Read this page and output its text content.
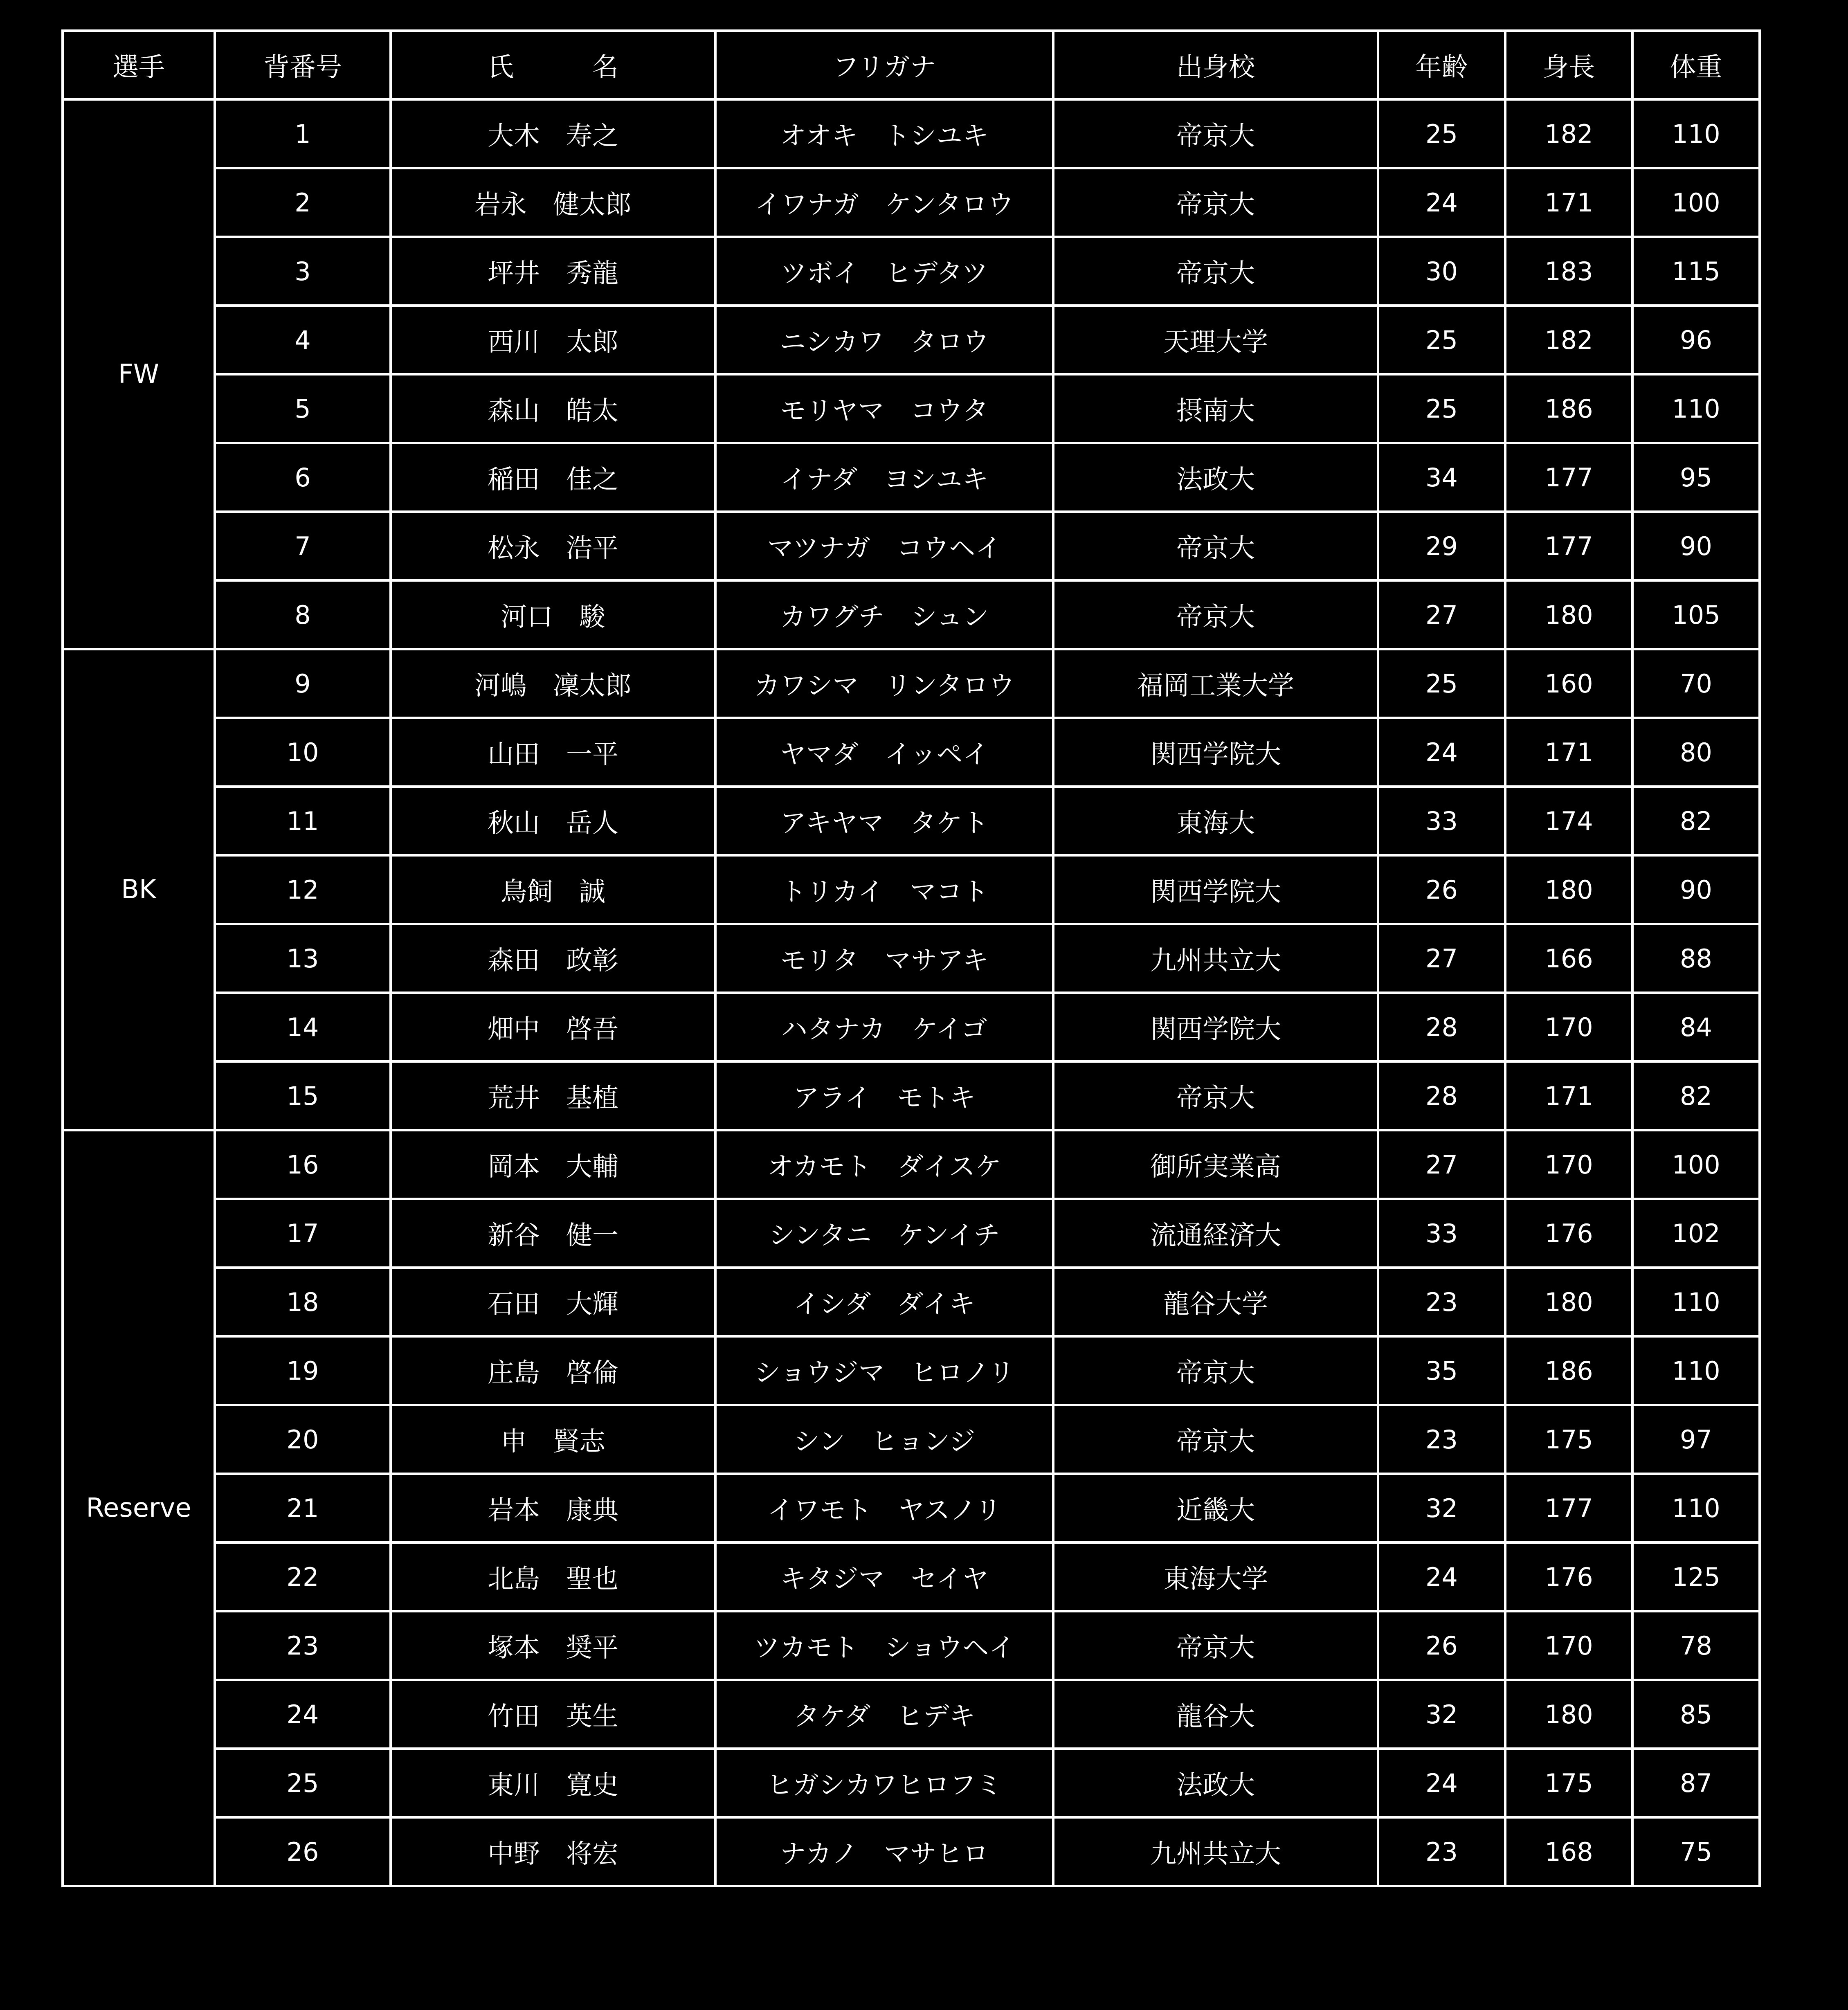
選手	背番号	氏　　　名	フリガナ	出身校	年齢	身長	体重
FW	1	大木　寿之	オオキ　トシユキ	帝京大	25	182	110
	2	岩永　健太郎	イワナガ　ケンタロウ	帝京大	24	171	100
	3	坪井　秀龍	ツボイ　ヒデタツ	帝京大	30	183	115
	4	西川　太郎	ニシカワ　タロウ	天理大学	25	182	96
	5	森山　皓太	モリヤマ　コウタ	摂南大	25	186	110
	6	稲田　佳之	イナダ　ヨシユキ	法政大	34	177	95
	7	松永　浩平	マツナガ　コウヘイ	帝京大	29	177	90
	8	河口　駿	カワグチ　シュン	帝京大	27	180	105
BK	9	河嶋　凜太郎	カワシマ　リンタロウ	福岡工業大学	25	160	70
	10	山田　一平	ヤマダ　イッペイ	関西学院大	24	171	80
	11	秋山　岳人	アキヤマ　タケト	東海大	33	174	82
	12	鳥飼　誠	トリカイ　マコト	関西学院大	26	180	90
	13	森田　政彰	モリタ　マサアキ	九州共立大	27	166	88
	14	畑中　啓吾	ハタナカ　ケイゴ	関西学院大	28	170	84
	15	荒井　基植	アライ　モトキ	帝京大	28	171	82
Reserve	16	岡本　大輔	オカモト　ダイスケ	御所実業高	27	170	100
	17	新谷　健一	シンタニ　ケンイチ	流通経済大	33	176	102
	18	石田　大輝	イシダ　ダイキ	龍谷大学	23	180	110
	19	庄島　啓倫	ショウジマ　ヒロノリ	帝京大	35	186	110
	20	申　賢志	シン　ヒョンジ	帝京大	23	175	97
	21	岩本　康典	イワモト　ヤスノリ	近畿大	32	177	110
	22	北島　聖也	キタジマ　セイヤ	東海大学	24	176	125
	23	塚本　奨平	ツカモト　ショウヘイ	帝京大	26	170	78
	24	竹田　英生	タケダ　ヒデキ	龍谷大	32	180	85
	25	東川　寛史	ヒガシカワヒロフミ	法政大	24	175	87
	26	中野　将宏	ナカノ　マサヒロ	九州共立大	23	168	75
